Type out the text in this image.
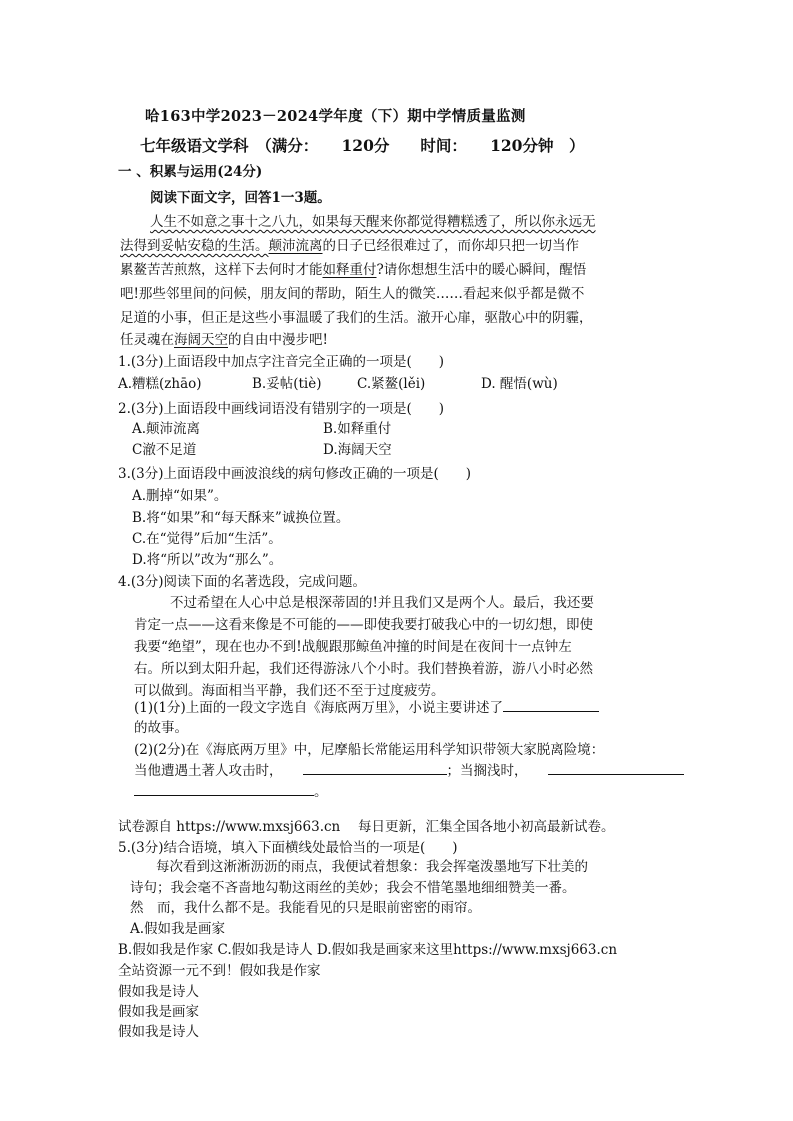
哈163中学2023－2024学年度（下）期中学情质量监测
七年级语文学科　（满分：　　120分　　时间：　　120分钟　）
一 、积累与运用(24分)
阅读下面文字，回答1一3题。
人生不如意之事十之八九，如果每天醒来你都觉得糟糕透了，所以你永远无
法得到妥帖安稳的生活。颠沛流离的日子已经很难过了，而你却只把一切当作
累鳌苦苦煎熬，这样下去何时才能如释重付?请你想想生活中的暖心瞬间，醒悟
吧!那些邻里间的问候，朋友间的帮助，陌生人的微笑……看起来似乎都是微不
足道的小事，但正是这些小事温暖了我们的生活。澈开心扉，驱散心中的阴霾，
任灵魂在海阔天空的自由中漫步吧!
1.(3分)上面语段中加点字注音完全正确的一项是(　　)
A.糟糕(zhāo)	B.妥帖(tiè)	C.紧鳌(lěi)	D. 醒悟(wù)
2.(3分)上面语段中画线词语没有错别字的一项是(　　)
A.颠沛流离	B.如释重付
C澈不足道	D.海阔天空
3.(3分)上面语段中画波浪线的病句修改正确的一项是(　　)
A.删掉“如果”。
B.将“如果”和“每天酥来”诚换位置。
C.在“觉得”后加“生活”。
D.将“所以”改为“那么”。
4.(3分)阅读下面的名著选段，完成问题。
不过希望在人心中总是根深蒂固的!并且我们又是两个人。最后，我还要
肯定一点——这看来像是不可能的——即使我要打破我心中的一切幻想，即使
我要“绝望”，现在也办不到!战舰跟那鲸鱼冲撞的时间是在夜间十一点钟左
右。所以到太阳升起，我们还得游泳八个小时。我们替换着游，游八小时必然
可以做到。海面相当平静，我们还不至于过度疲劳。
(1)(1分)上面的一段文字选自《海底两万里》，小说主要讲述了
的故事。
(2)(2分)在《海底两万里》中，尼摩船长常能运用科学知识带领大家脱离险境：
当他遭遇土著人攻击时，	；当搁浅时，
。
试卷源自 https://www.mxsj663.cn　 每日更新，汇集全国各地小初高最新试卷。
5.(3分)结合语境，填入下面横线处最恰当的一项是(　　)
每次看到这淅淅沥沥的雨点，我便试着想象：我会挥毫泼墨地写下壮美的
诗句；我会毫不吝啬地勾勒这雨丝的美妙；我会不惜笔墨地细细赞美一番。
然　而，我什么都不是。我能看见的只是眼前密密的雨帘。
A.假如我是画家
B.假如我是作家 C.假如我是诗人 D.假如我是画家来这里https://www.mxsj663.cn
全站资源一元不到！假如我是作家
假如我是诗人
假如我是画家
假如我是诗人
